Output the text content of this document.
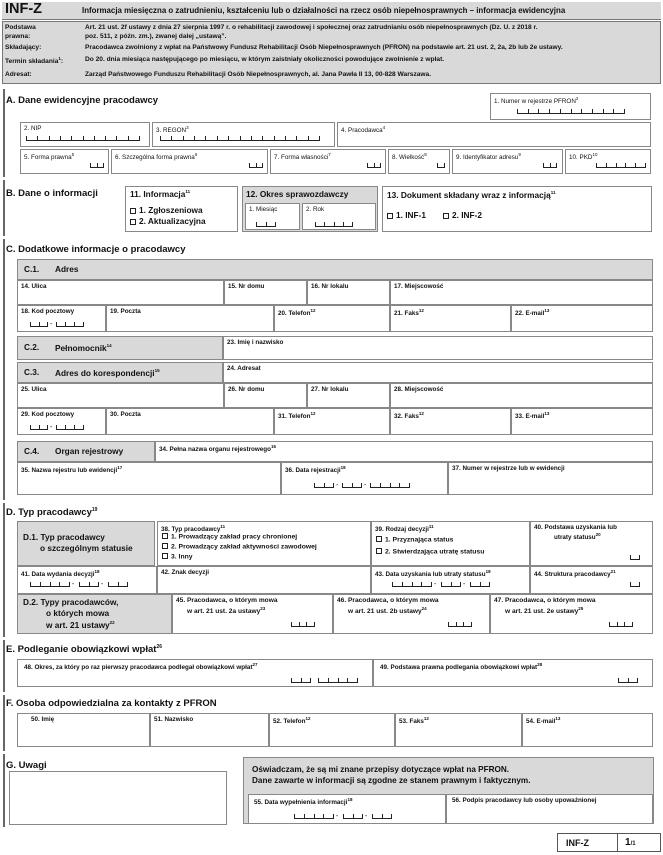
INF-Z	Informacja miesięczna o zatrudnieniu, kształceniu lub o działalności na rzecz osób niepełnosprawnych – informacja ewidencyjna
Podstawa
prawna:
Art. 21 ust. 2f ustawy z dnia 27 sierpnia 1997 r. o rehabilitacji zawodowej i społecznej oraz zatrudnianiu osób niepełnosprawnych (Dz. U. z 2018 r.
poz. 511, z późn. zm.), zwanej dalej „ustawą”.
Składający:	Pracodawca zwolniony z wpłat na Państwowy Fundusz Rehabilitacji Osób Niepełnosprawnych (PFRON) na podstawie art. 21 ust. 2, 2a, 2b lub 2e ustawy.
Termin składania$^1$:	Do 20. dnia miesiąca następującego po miesiącu, w którym zaistniały okoliczności powodujące zwolnienie z wpłat.
Adresat:	Zarząd Państwowego Funduszu Rehabilitacji Osób Niepełnosprawnych, al. Jana Pawła II 13, 00-828 Warszawa.
A. Dane ewidencyjne pracodawcy	1. Numer w rejestrze PFRON$^2$
2. NIP	3. REGON$^3$	4. Pracodawca$^4$
5. Forma prawna$^5$	6. Szczególna forma prawna$^6$	7. Forma własności$^7$	8. Wielkość$^8$	9. Identyfikator adresu$^9$	10. PKD$^{10}$
B. Dane o informacji	11. Informacja$^{11}$
1. Zgłoszeniowa
2. Aktualizacyjna
12. Okres sprawozdawczy
1. Miesiąc	2. Rok
13. Dokument składany wraz z informacją$^{11}$
1. INF-1	2. INF-2
C. Dodatkowe informacje o pracodawcy
C.1. Adres
14. Ulica	15. Nr domu	16. Nr lokalu	17. Miejscowość
18. Kod pocztowy
-
19. Poczta	20. Telefon$^{12}$	21. Faks$^{12}$	22. E-mail$^{13}$
C.2. Pełnomocnik$^{14}$	23. Imię i nazwisko
C.3. Adres do korespondencji$^{15}$	24. Adresat
25. Ulica	26. Nr domu	27. Nr lokalu	28. Miejscowość
29. Kod pocztowy
-
30. Poczta	31. Telefon$^{12}$	32. Faks$^{12}$	33. E-mail$^{13}$
C.4. Organ rejestrowy	34. Pełna nazwa organu rejestrowego$^{16}$
35. Nazwa rejestru lub ewidencji$^{17}$	36. Data rejestracji$^{18}$
-	-
37. Numer w rejestrze lub w ewidencji
D. Typ pracodawcy$^{19}$
D.1. Typ pracodawcy
o szczególnym statusie
38. Typ pracodawcy$^{11}$
1. Prowadzący zakład pracy chronionej
2. Prowadzący zakład aktywności zawodowej
3. Inny
39. Rodzaj decyzji$^{11}$
1. Przyznająca status
2. Stwierdzająca utratę statusu
40. Podstawa uzyskania lub
utraty statusu$^{20}$
41. Data wydania decyzji$^{18}$
-	-
42. Znak decyzji	43. Data uzyskania lub utraty statusu$^{18}$
-	-
44. Struktura pracodawcy$^{21}$
D.2. Typy pracodawców,
o których mowa
w art. 21 ustawy$^{22}$
45. Pracodawca, o którym mowa
w art. 21 ust. 2a ustawy$^{23}$
46. Pracodawca, o którym mowa
w art. 21 ust. 2b ustawy$^{24}$
47. Pracodawca, o którym mowa
w art. 21 ust. 2e ustawy$^{25}$
E. Podleganie obowiązkowi wpłat$^{26}$
48. Okres, za który po raz pierwszy pracodawca podlegał obowiązkowi wpłat$^{27}$	49. Podstawa prawna podlegania obowiązkowi wpłat$^{28}$
F. Osoba odpowiedzialna za kontakty z PFRON
50. Imię	51. Nazwisko	52. Telefon$^{12}$	53. Faks$^{12}$	54. E-mail$^{13}$
G. Uwagi	Oświadczam, że są mi znane przepisy dotyczące wpłat na PFRON.
Dane zawarte w informacji są zgodne ze stanem prawnym i faktycznym.
55. Data wypełnienia informacji$^{18}$
-	-
56. Podpis pracodawcy lub osoby upoważnionej
INF-Z	1/1
